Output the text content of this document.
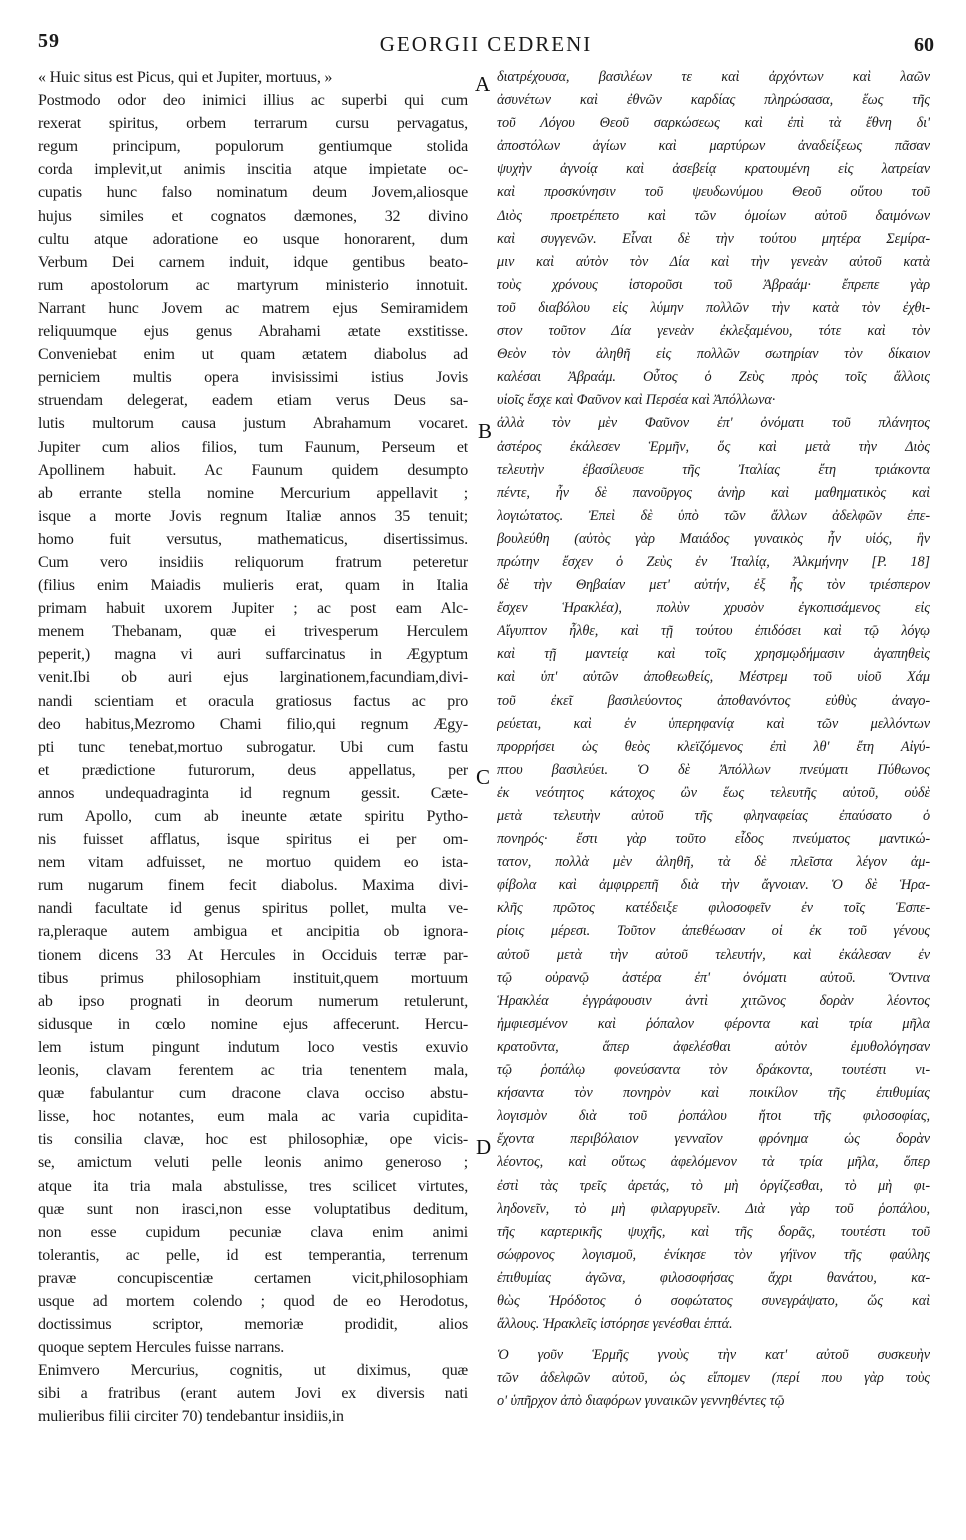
59	GEORGII CEDRENI	60
« Huic situs est Picus, qui et Jupiter, mortuus, »
Postmodo odor deo inimici illius ac superbi qui cum
rexerat spiritus, orbem terrarum cursu pervagatus,
regum principum, populorum gentiumque stolida
corda implevit,ut animis inscitia atque impietate oc-
cupatis hunc falso nominatum deum Jovem,aliosque
hujus similes et cognatos dæmones, 32 divino
cultu atque adoratione eo usque honorarent, dum
Verbum Dei carnem induit, idque gentibus beato-
rum apostolorum ac martyrum ministerio innotuit.
Narrant hunc Jovem ac matrem ejus Semiramidem
reliquumque ejus genus Abrahami ætate exstitisse.
Conveniebat enim ut quam ætatem diabolus ad
perniciem multis opera invisissimi istius Jovis
struendam delegerat, eadem etiam verus Deus sa-
lutis multorum causa justum Abrahamum vocaret.
Jupiter cum alios filios, tum Faunum, Perseum et
Apollinem habuit. Ac Faunum quidem desumpto
ab errante stella nomine Mercurium appellavit ;
isque a morte Jovis regnum Italiæ annos 35 tenuit;
homo fuit versutus, mathematicus, disertissimus.
Cum vero insidiis reliquorum fratrum peteretur
(filius enim Maiadis mulieris erat, quam in Italia
primam habuit uxorem Jupiter ; ac post eam Alc-
menem Thebanam, quæ ei trivesperum Herculem
peperit,) magna vi auri suffarcinatus in Ægyptum
venit.Ibi ob auri ejus larginationem,facundiam,divi-
nandi scientiam et oracula gratiosus factus ac pro
deo habitus,Mezromo Chami filio,qui regnum Ægy-
pti tunc tenebat,mortuo subrogatur. Ubi cum fastu
et prædictione futurorum, deus appellatus, per
annos undequadraginta id regnum gessit. Cæte-
rum Apollo, cum ab ineunte ætate spiritu Pytho-
nis fuisset afflatus, isque spiritus ei per om-
nem vitam adfuisset, ne mortuo quidem eo ista-
rum nugarum finem fecit diabolus. Maxima divi-
nandi facultate id genus spiritus pollet, multa ve-
ra,pleraque autem ambigua et ancipitia ob ignora-
tionem dicens 33 At Hercules in Occiduis terræ par-
tibus primus philosophiam instituit,quem mortuum
ab ipso prognati in deorum numerum retulerunt,
sidusque in cœlo nomine ejus affecerunt. Hercu-
lem istum pingunt indutum loco vestis exuvio
leonis, clavam ferentem ac tria tenentem mala,
quæ fabulantur cum dracone clava occiso abstu-
lisse, hoc notantes, eum mala ac varia cupidita-
tis consilia clavæ, hoc est philosophiæ, ope vicis-
se, amictum veluti pelle leonis animo generoso ;
atque ita tria mala abstulisse, tres scilicet virtutes,
quæ sunt non irasci,non esse voluptatibus deditum,
non esse cupidum pecuniæ clava enim animi
tolerantis, ac pelle, id est temperantia, terrenum
pravæ concupiscentiæ certamen vicit,philosophiam
usque ad mortem colendo ; quod de eo Herodotus,
doctissimus scriptor, memoriæ prodidit, alios
quoque septem Hercules fuisse narrans.
Enimvero Mercurius, cognitis, ut diximus, quæ
sibi a fratribus (erant autem Jovi ex diversis nati
mulieribus filii circiter 70) tendebantur insidiis,in
διατρέχουσα, βασιλέων τε καὶ ἀρχόντων καὶ λαῶν
ἀσυνέτων καὶ ἐθνῶν καρδίας πληρώσασα, ἕως τῆς
τοῦ Λόγου Θεοῦ σαρκώσεως καὶ ἐπὶ τὰ ἔθνη δι'
ἀποστόλων ἁγίων καὶ μαρτύρων ἀναδείξεως πᾶσαν
ψυχὴν ἀγνοίᾳ καὶ ἀσεβείᾳ κρατουμένη εἰς λατρείαν
καὶ προσκύνησιν τοῦ ψευδωνύμου Θεοῦ οὕτου τοῦ
Διὸς προετρέπετο καὶ τῶν ὁμοίων αὐτοῦ δαιμόνων
καὶ συγγενῶν. Εἶναι δὲ τὴν τούτου μητέρα Σεμίρα-
μιν καὶ αὐτὸν τὸν Δία καὶ τὴν γενεὰν αὐτοῦ κατὰ
τοὺς χρόνους ἱστοροῦσι τοῦ Ἀβραάμ· ἔπρεπε γὰρ
τοῦ διαβόλου εἰς λύμην πολλῶν τὴν κατὰ τὸν ἐχθι-
στον τοῦτον Δία γενεὰν ἐκλεξαμένου, τότε καὶ τὸν
Θεὸν τὸν ἀληθῆ εἰς πολλῶν σωτηρίαν τὸν δίκαιον
καλέσαι Ἀβραάμ. Οὗτος ὁ Ζεὺς πρὸς τοῖς ἄλλοις
υἱοῖς ἔσχε καὶ Φαῦνον καὶ Περσέα καὶ Ἀπόλλωνα·
ἀλλὰ τὸν μὲν Φαῦνον ἐπ' ὀνόματι τοῦ πλάνητος
ἀστέρος ἐκάλεσεν Ἑρμῆν, ὅς καὶ μετὰ τὴν Διὸς
τελευτὴν ἐβασίλευσε τῆς Ἰταλίας ἔτη τριάκοντα
πέντε, ἦν δὲ πανοῦργος ἀνὴρ καὶ μαθηματικὸς καὶ
λογιώτατος. Ἐπεὶ δὲ ὑπὸ τῶν ἄλλων ἀδελφῶν ἐπε-
βουλεύθη (αὐτὸς γὰρ Μαιάδος γυναικὸς ἦν υἱός, ἣν
πρώτην ἔσχεν ὁ Ζεὺς ἐν Ἰταλίᾳ, Ἀλκμήνην [P. 18]
δὲ τὴν Θηβαίαν μετ' αὐτήν, ἐξ ἧς τὸν τριέσπερον
ἔσχεν Ἡρακλέα), πολὺν χρυσὸν ἐγκοπισάμενος εἰς
Αἴγυπτον ἦλθε, καὶ τῇ τούτου ἐπιδόσει καὶ τῷ λόγῳ
καὶ τῇ μαντείᾳ καὶ τοῖς χρησμῳδήμασιν ἀγαπηθεὶς
καὶ ὑπ' αὐτῶν ἀποθεωθείς, Μέστρεμ τοῦ υἱοῦ Χάμ
τοῦ ἐκεῖ βασιλεύοντος ἀποθανόντος εὐθὺς ἀναγο-
ρεύεται, καὶ ἐν ὑπερηφανίᾳ καὶ τῶν μελλόντων
προρρήσει ὡς θεὸς κλεϊζόμενος ἐπὶ λθ' ἔτη Αἰγύ-
πτου βασιλεύει. Ὁ δὲ Ἀπόλλων πνεύματι Πύθωνος
ἐκ νεότητος κάτοχος ὢν ἕως τελευτῆς αὐτοῦ, οὐδὲ
μετὰ τελευτὴν αὐτοῦ τῆς φληναφείας ἐπαύσατο ὁ
πονηρός· ἔστι γὰρ τοῦτο εἶδος πνεύματος μαντικώ-
τατον, πολλὰ μὲν ἀληθῆ, τὰ δὲ πλεῖστα λέγον ἀμ-
φίβολα καὶ ἀμφιρρεπῆ διὰ τὴν ἄγνοιαν. Ὁ δὲ Ἡρα-
κλῆς πρῶτος κατέδειξε φιλοσοφεῖν ἐν τοῖς Ἑσπε-
ρίοις μέρεσι. Τοῦτον ἀπεθέωσαν οἱ ἐκ τοῦ γένους
αὐτοῦ μετὰ τὴν αὐτοῦ τελευτήν, καὶ ἐκάλεσαν ἐν
τῷ οὐρανῷ ἀστέρα ἐπ' ὀνόματι αὐτοῦ. Ὅντινα
Ἡρακλέα ἐγγράφουσιν ἀντὶ χιτῶνος δορὰν λέοντος
ἠμφιεσμένον καὶ ῥόπαλον φέροντα καὶ τρία μῆλα
κρατοῦντα, ἅπερ ἀφελέσθαι αὐτὸν ἐμυθολόγησαν
τῷ ῥοπάλῳ φονεύσαντα τὸν δράκοντα, τουτέστι νι-
κήσαντα τὸν πονηρὸν καὶ ποικίλον τῆς ἐπιθυμίας
λογισμὸν διὰ τοῦ ῥοπάλου ἤτοι τῆς φιλοσοφίας,
ἔχοντα περιβόλαιον γενναῖον φρόνημα ὡς δορὰν
λέοντος, καὶ οὕτως ἀφελόμενον τὰ τρία μῆλα, ὅπερ
ἐστὶ τὰς τρεῖς ἀρετάς, τὸ μὴ ὀργίζεσθαι, τὸ μὴ φι-
ληδονεῖν, τὸ μὴ φιλαργυρεῖν. Διὰ γὰρ τοῦ ῥοπάλου,
τῆς καρτερικῆς ψυχῆς, καὶ τῆς δορᾶς, τουτέστι τοῦ
σώφρονος λογισμοῦ, ἐνίκησε τὸν γήϊνον τῆς φαύλης
ἐπιθυμίας ἀγῶνα, φιλοσοφήσας ἄχρι θανάτου, κα-
θὼς Ἡρόδοτος ὁ σοφώτατος συνεγράψατο, ὥς καὶ
ἄλλους. Ἡρακλεῖς ἱστόρησε γενέσθαι ἑπτά.
Ὁ γοῦν Ἑρμῆς γνοὺς τὴν κατ' αὐτοῦ συσκευὴν
τῶν ἀδελφῶν αὐτοῦ, ὡς εἴπομεν (περί που γὰρ τοὺς
ο' ὑπῆρχον ἀπὸ διαφόρων γυναικῶν γεννηθέντες τῷ
A
B
C
D
